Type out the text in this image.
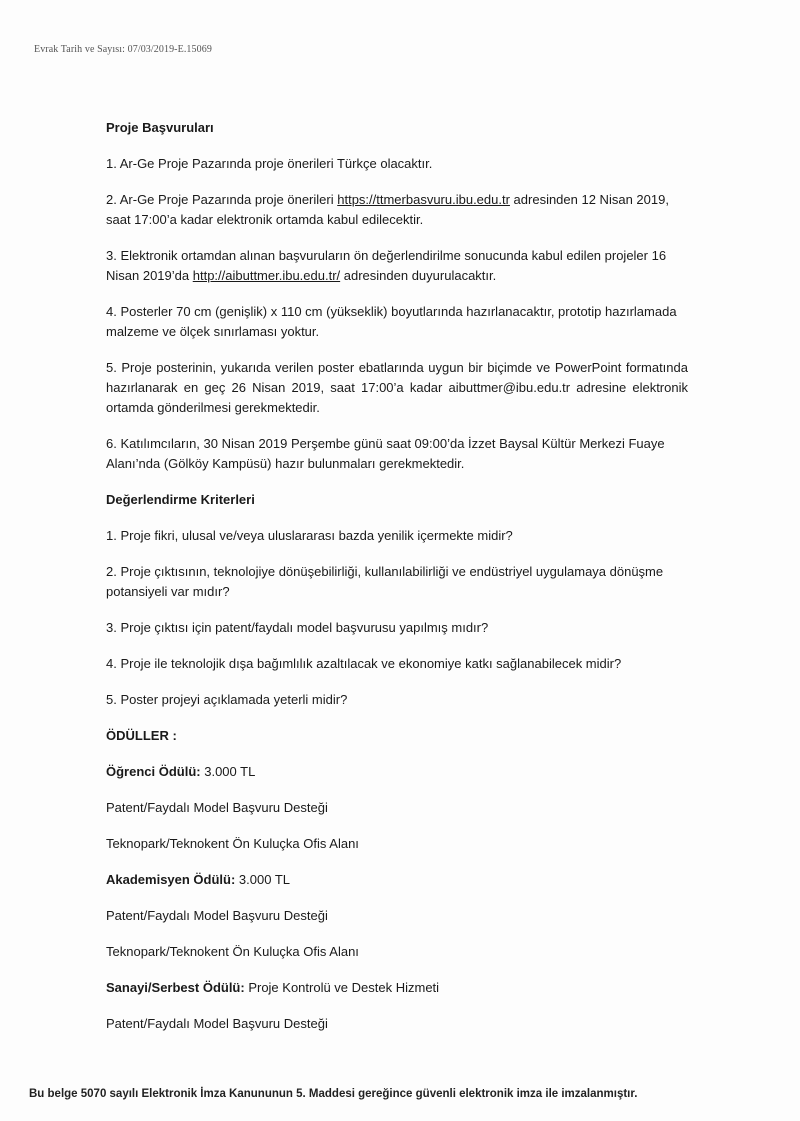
Evrak Tarih ve Sayısı: 07/03/2019-E.15069

Proje Başvuruları

1. Ar-Ge Proje Pazarında proje önerileri Türkçe olacaktır.

2. Ar-Ge Proje Pazarında proje önerileri https://ttmerbasvuru.ibu.edu.tr adresinden 12 Nisan 2019, saat 17:00’a kadar elektronik ortamda kabul edilecektir.

3. Elektronik ortamdan alınan başvuruların ön değerlendirilme sonucunda kabul edilen projeler 16 Nisan 2019’da http://aibuttmer.ibu.edu.tr/ adresinden duyurulacaktır.

4. Posterler 70 cm (genişlik) x 110 cm (yükseklik) boyutlarında hazırlanacaktır, prototip hazırlamada malzeme ve ölçek sınırlaması yoktur.

5. Proje posterinin, yukarıda verilen poster ebatlarında uygun bir biçimde ve PowerPoint formatında hazırlanarak en geç 26 Nisan 2019, saat 17:00’a kadar aibuttmer@ibu.edu.tr adresine elektronik ortamda gönderilmesi gerekmektedir.

6. Katılımcıların, 30 Nisan 2019 Perşembe günü saat 09:00’da İzzet Baysal Kültür Merkezi Fuaye Alanı’nda (Gölköy Kampüsü) hazır bulunmaları gerekmektedir.

Değerlendirme Kriterleri

1. Proje fikri, ulusal ve/veya uluslararası bazda yenilik içermekte midir?

2. Proje çıktısının, teknolojiye dönüşebilirliği, kullanılabilirliği ve endüstriyel uygulamaya dönüşme potansiyeli var mıdır?

3. Proje çıktısı için patent/faydalı model başvurusu yapılmış mıdır?

4. Proje ile teknolojik dışa bağımlılık azaltılacak ve ekonomiye katkı sağlanabilecek midir?

5. Poster projeyi açıklamada yeterli midir?

ÖDÜLLER :

Öğrenci Ödülü: 3.000 TL

Patent/Faydalı Model Başvuru Desteği

Teknopark/Teknokent Ön Kuluçka Ofis Alanı

Akademisyen Ödülü: 3.000 TL

Patent/Faydalı Model Başvuru Desteği

Teknopark/Teknokent Ön Kuluçka Ofis Alanı

Sanayi/Serbest Ödülü: Proje Kontrolü ve Destek Hizmeti

Patent/Faydalı Model Başvuru Desteği

Bu belge 5070 sayılı Elektronik İmza Kanununun 5. Maddesi gereğince güvenli elektronik imza ile imzalanmıştır.
